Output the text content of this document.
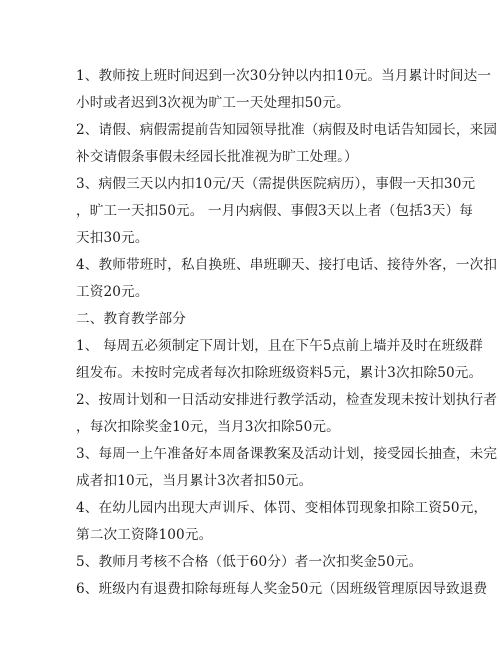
1、教师按上班时间迟到一次30分钟以内扣10元。当月累计时间达一
小时或者迟到3次视为旷工一天处理扣50元。
2、请假、病假需提前告知园领导批准（病假及时电话告知园长，来园
补交请假条事假未经园长批准视为旷工处理。）
3、病假三天以内扣10元/天（需提供医院病历），事假一天扣30元
，旷工一天扣50元。 一月内病假、事假3天以上者（包括3天）每
天扣30元。
4、教师带班时，私自换班、串班聊天、接打电话、接待外客，一次扣
工资20元。
二、教育教学部分
1、 每周五必须制定下周计划，且在下午5点前上墙并及时在班级群
组发布。未按时完成者每次扣除班级资料5元，累计3次扣除50元。
2、按周计划和一日活动安排进行教学活动，检查发现未按计划执行者
，每次扣除奖金10元，当月3次扣除50元。
3、每周一上午准备好本周备课教案及活动计划，接受园长抽查，未完
成者扣10元，当月累计3次者扣50元。
4、在幼儿园内出现大声训斥、体罚、变相体罚现象扣除工资50元，
第二次工资降100元。
5、教师月考核不合格（低于60分）者一次扣奖金50元。
6、班级内有退费扣除每班每人奖金50元（因班级管理原因导致退费
